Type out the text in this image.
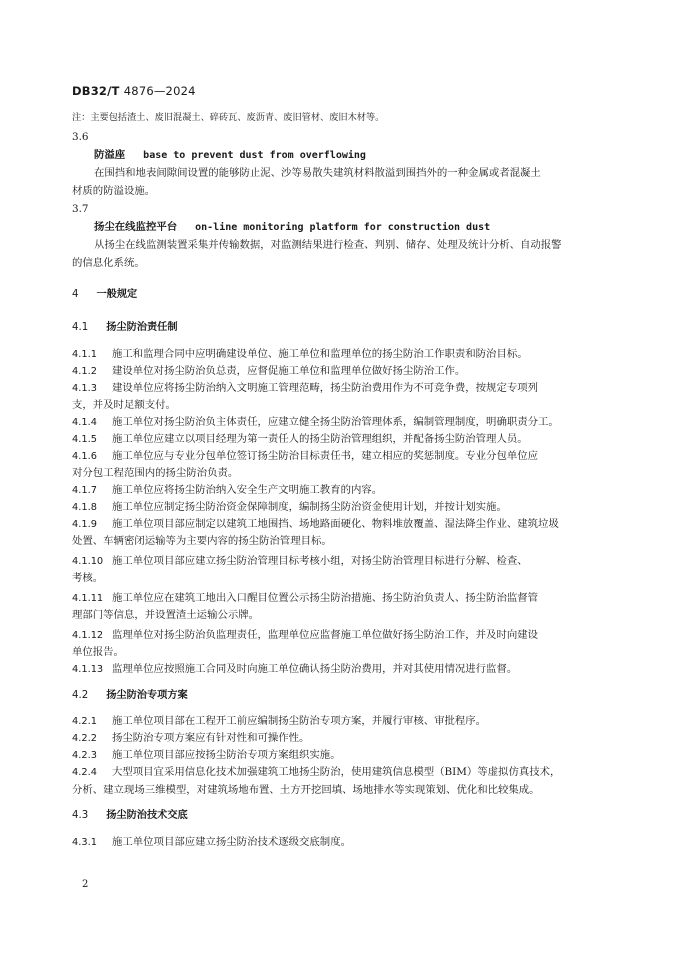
DB32/T 4876—2024
注：主要包括渣土、废旧混凝土、碎砖瓦、废沥青、废旧管材、废旧木材等。
3.6
防溢座 base to prevent dust from overflowing
在围挡和地表间隙间设置的能够防止泥、沙等易散失建筑材料散溢到围挡外的一种金属或者混凝土
材质的防溢设施。
3.7
扬尘在线监控平台 on-line monitoring platform for construction dust
从扬尘在线监测装置采集并传输数据，对监测结果进行检查、判别、储存、处理及统计分析、自动报警
的信息化系统。
4 一般规定
4.1 扬尘防治责任制
4.1.1 施工和监理合同中应明确建设单位、施工单位和监理单位的扬尘防治工作职责和防治目标。
4.1.2 建设单位对扬尘防治负总责，应督促施工单位和监理单位做好扬尘防治工作。
4.1.3 建设单位应将扬尘防治纳入文明施工管理范畴，扬尘防治费用作为不可竞争费，按规定专项列
支，并及时足额支付。
4.1.4 施工单位对扬尘防治负主体责任，应建立健全扬尘防治管理体系，编制管理制度，明确职责分工。
4.1.5 施工单位应建立以项目经理为第一责任人的扬尘防治管理组织，并配备扬尘防治管理人员。
4.1.6 施工单位应与专业分包单位签订扬尘防治目标责任书，建立相应的奖惩制度。专业分包单位应
对分包工程范围内的扬尘防治负责。
4.1.7 施工单位应将扬尘防治纳入安全生产文明施工教育的内容。
4.1.8 施工单位应制定扬尘防治资金保障制度，编制扬尘防治资金使用计划，并按计划实施。
4.1.9 施工单位项目部应制定以建筑工地围挡、场地路面硬化、物料堆放覆盖、湿法降尘作业、建筑垃圾
处置、车辆密闭运输等为主要内容的扬尘防治管理目标。
4.1.10 施工单位项目部应建立扬尘防治管理目标考核小组，对扬尘防治管理目标进行分解、检查、
考核。
4.1.11 施工单位应在建筑工地出入口醒目位置公示扬尘防治措施、扬尘防治负责人、扬尘防治监督管
理部门等信息，并设置渣土运输公示牌。
4.1.12 监理单位对扬尘防治负监理责任，监理单位应监督施工单位做好扬尘防治工作，并及时向建设
单位报告。
4.1.13 监理单位应按照施工合同及时向施工单位确认扬尘防治费用，并对其使用情况进行监督。
4.2 扬尘防治专项方案
4.2.1 施工单位项目部在工程开工前应编制扬尘防治专项方案，并履行审核、审批程序。
4.2.2 扬尘防治专项方案应有针对性和可操作性。
4.2.3 施工单位项目部应按扬尘防治专项方案组织实施。
4.2.4 大型项目宜采用信息化技术加强建筑工地扬尘防治，使用建筑信息模型（BIM）等虚拟仿真技术，
分析、建立现场三维模型，对建筑场地布置、土方开挖回填、场地排水等实现策划、优化和比较集成。
4.3 扬尘防治技术交底
4.3.1 施工单位项目部应建立扬尘防治技术逐级交底制度。
2
